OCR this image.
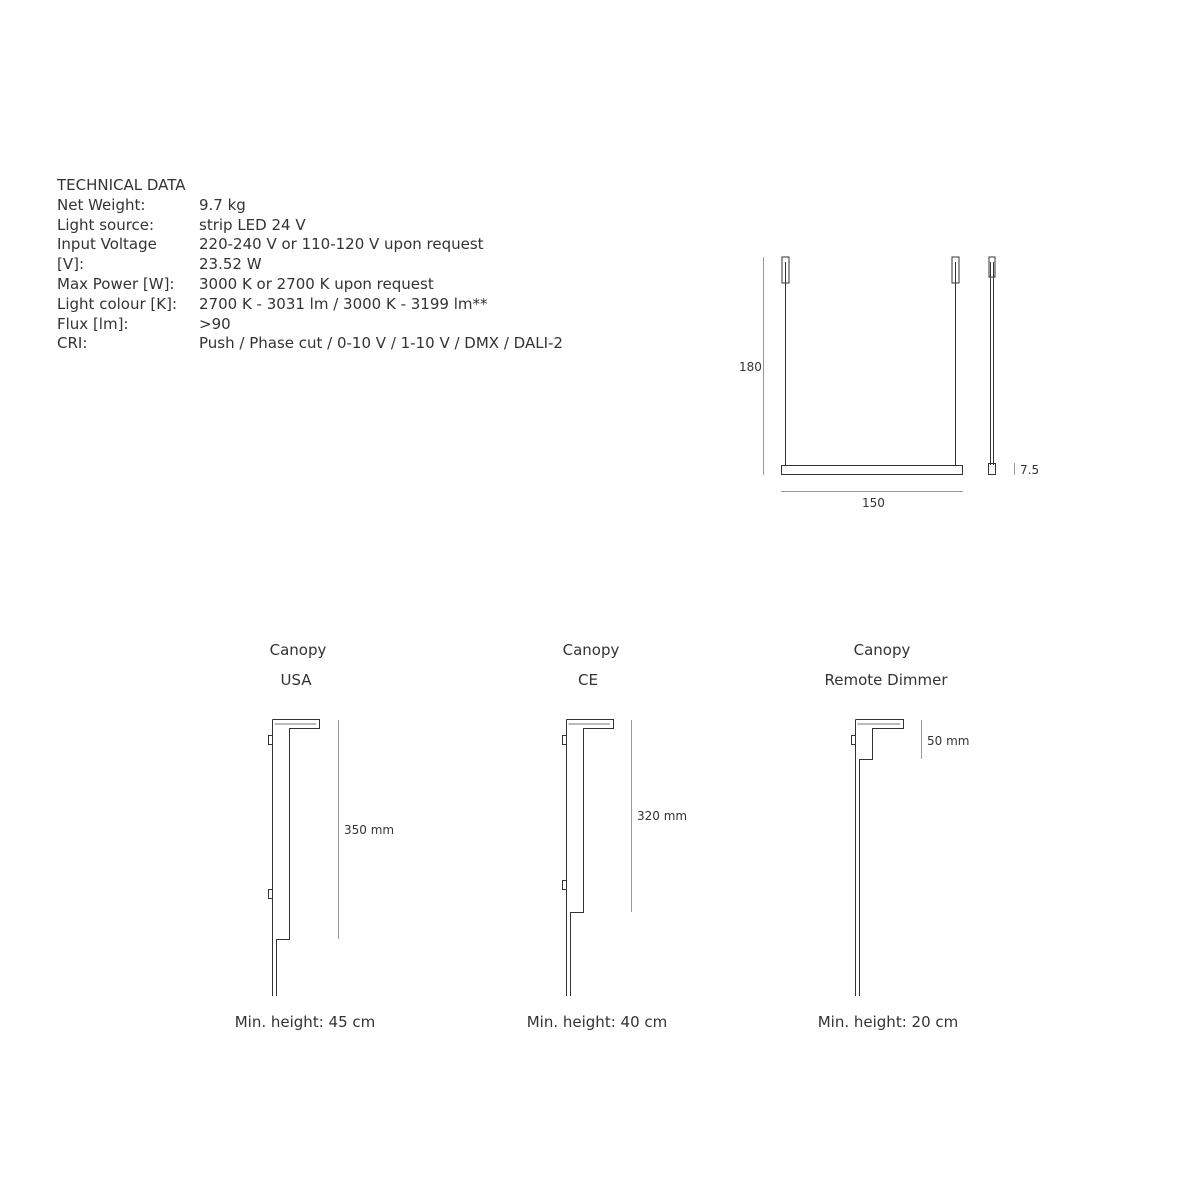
TECHNICAL DATA
Net Weight:	9.7 kg
Light source:	strip LED 24 V
Input Voltage	220-240 V or 110-120 V upon request
[V]:	23.52 W
Max Power [W]: 3000 K or 2700 K upon request
Light colour [K]: 2700 K - 3031 lm / 3000 K - 3199 lm**
Flux [lm]:	>90
CRI:	Push / Phase cut / 0-10 V / 1-10 V / DMX / DALI-2
180
150
7.5
Canopy
USA
350 mm
Min. height: 45 cm
Canopy
CE
320 mm
Min. height: 40 cm
Canopy
Remote Dimmer
50 mm
Min. height: 20 cm
